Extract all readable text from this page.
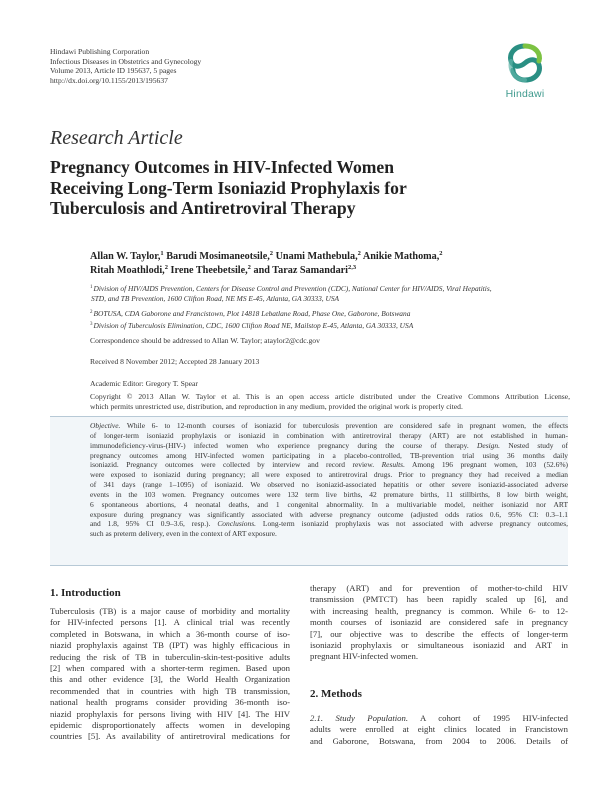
Hindawi Publishing Corporation
Infectious Diseases in Obstetrics and Gynecology
Volume 2013, Article ID 195637, 5 pages
http://dx.doi.org/10.1155/2013/195637
Hindawi
Research Article
Pregnancy Outcomes in HIV-Infected Women
Receiving Long-Term Isoniazid Prophylaxis for
Tuberculosis and Antiretroviral Therapy
Allan W. Taylor,$^1$ Barudi Mosimaneotsile,$^2$ Unami Mathebula,$^2$ Anikie Mathoma,$^2$
Ritah Moathlodi,$^2$ Irene Theebetsile,$^2$ and Taraz Samandari$^{2,3}$
$^1$Division of HIV/AIDS Prevention, Centers for Disease Control and Prevention (CDC), National Center for HIV/AIDS, Viral Hepatitis,
STD, and TB Prevention, 1600 Clifton Road, NE MS E-45, Atlanta, GA 30333, USA
$^2$BOTUSA, CDA Gaborone and Francistown, Plot 14818 Lebatlane Road, Phase One, Gaborone, Botswana
$^3$Division of Tuberculosis Elimination, CDC, 1600 Clifton Road NE, Mailstop E-45, Atlanta, GA 30333, USA
Correspondence should be addressed to Allan W. Taylor; ataylor2@cdc.gov
Received 8 November 2012; Accepted 28 January 2013
Academic Editor: Gregory T. Spear
Copyright © 2013 Allan W. Taylor et al. This is an open access article distributed under the Creative Commons Attribution License,
which permits unrestricted use, distribution, and reproduction in any medium, provided the original work is properly cited.
Objective. While 6- to 12-month courses of isoniazid for tuberculosis prevention are considered safe in pregnant women, the effects
of longer-term isoniazid prophylaxis or isoniazid in combination with antiretroviral therapy (ART) are not established in human-
immunodeficiency-virus-(HIV-) infected women who experience pregnancy during the course of therapy. Design. Nested study of
pregnancy outcomes among HIV-infected women participating in a placebo-controlled, TB-prevention trial using 36 months daily
isoniazid. Pregnancy outcomes were collected by interview and record review. Results. Among 196 pregnant women, 103 (52.6%)
were exposed to isoniazid during pregnancy; all were exposed to antiretroviral drugs. Prior to pregnancy they had received a median
of 341 days (range 1–1095) of isoniazid. We observed no isoniazid-associated hepatitis or other severe isoniazid-associated adverse
events in the 103 women. Pregnancy outcomes were 132 term live births, 42 premature births, 11 stillbirths, 8 low birth weight,
6 spontaneous abortions, 4 neonatal deaths, and 1 congenital abnormality. In a multivariable model, neither isoniazid nor ART
exposure during pregnancy was significantly associated with adverse pregnancy outcome (adjusted odds ratios 0.6, 95% CI: 0.3–1.1
and 1.8, 95% CI 0.9–3.6, resp.). Conclusions. Long-term isoniazid prophylaxis was not associated with adverse pregnancy outcomes,
such as preterm delivery, even in the context of ART exposure.
1. Introduction
Tuberculosis (TB) is a major cause of morbidity and mortality
for HIV-infected persons [1]. A clinical trial was recently
completed in Botswana, in which a 36-month course of iso-
niazid prophylaxis against TB (IPT) was highly efficacious in
reducing the risk of TB in tuberculin-skin-test-positive adults
[2] when compared with a shorter-term regimen. Based upon
this and other evidence [3], the World Health Organization
recommended that in countries with high TB transmission,
national health programs consider providing 36-month iso-
niazid prophylaxis for persons living with HIV [4]. The HIV
epidemic disproportionately affects women in developing
countries [5]. As availability of antiretroviral medications for
therapy (ART) and for prevention of mother-to-child HIV
transmission (PMTCT) has been rapidly scaled up [6], and
with increasing health, pregnancy is common. While 6- to 12-
month courses of isoniazid are considered safe in pregnancy
[7], our objective was to describe the effects of longer-term
isoniazid prophylaxis or simultaneous isoniazid and ART in
pregnant HIV-infected women.
2. Methods
2.1. Study Population. A cohort of 1995 HIV-infected
adults were enrolled at eight clinics located in Francistown
and Gaborone, Botswana, from 2004 to 2006. Details of
